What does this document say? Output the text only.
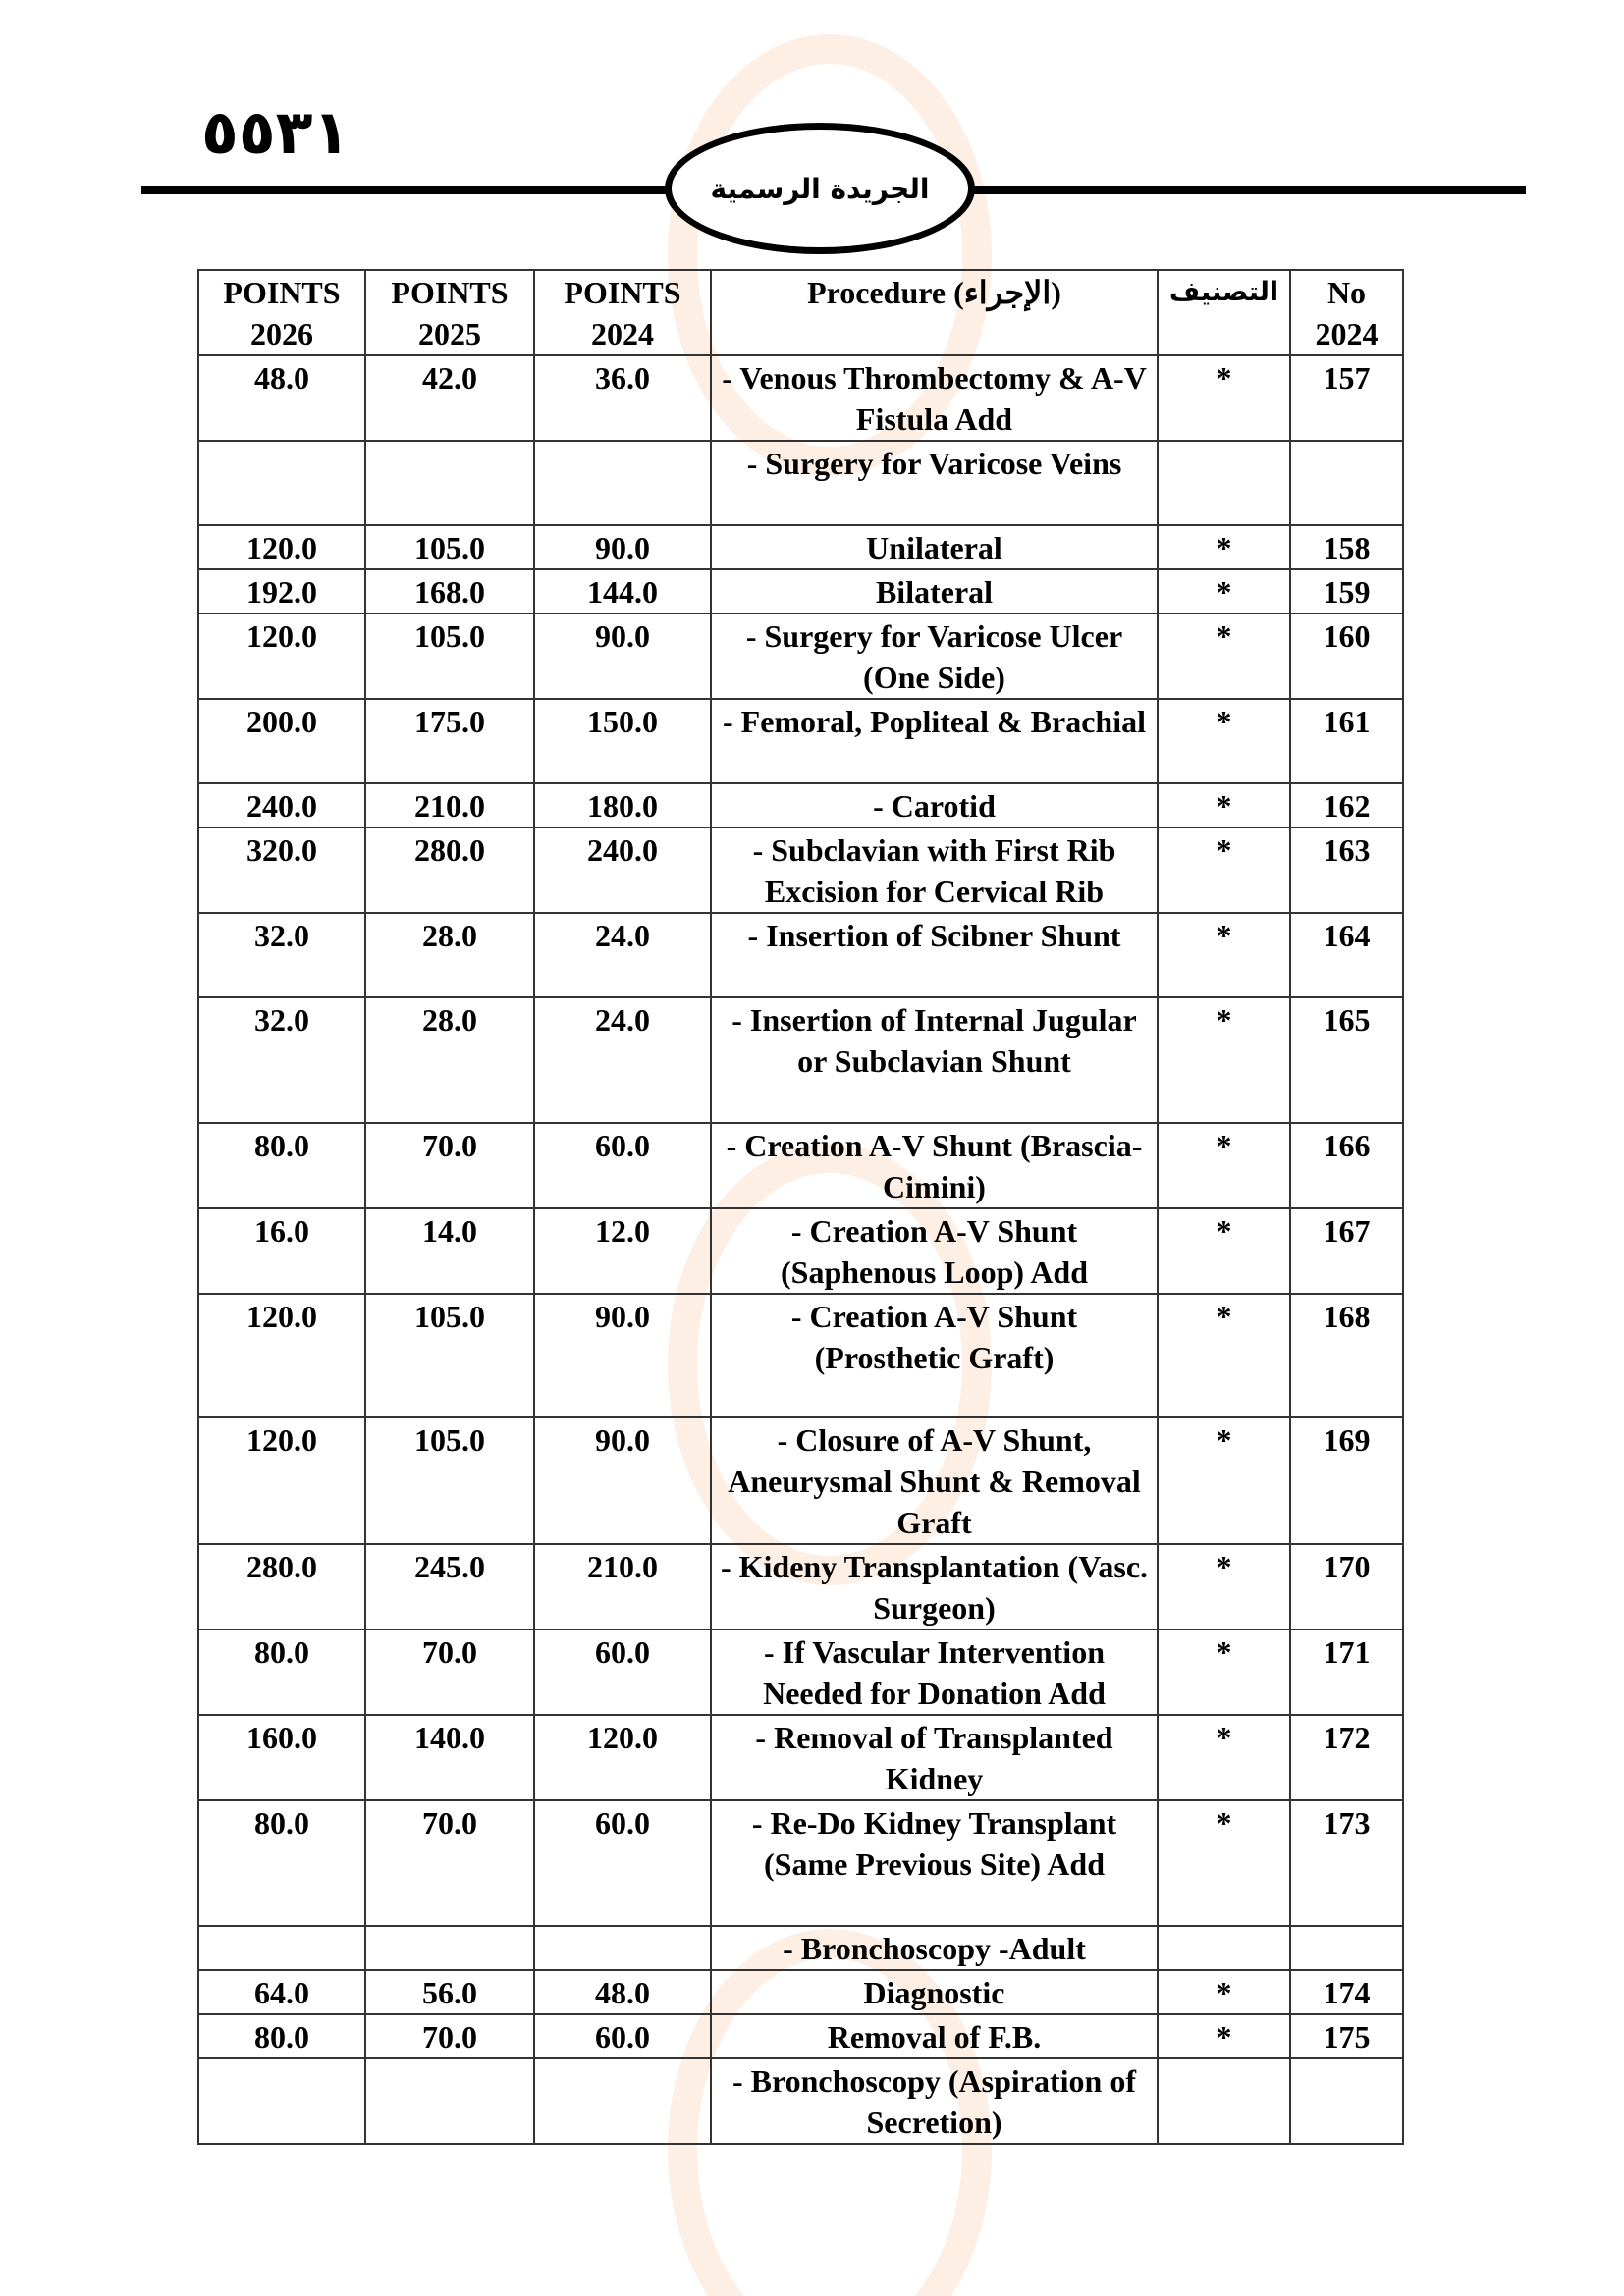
٥٥٣١
الجريدة الرسمية
POINTS 2026	POINTS 2025	POINTS 2024	Procedure (الإجراء)	التصنيف	No 2024
48.0	42.0	36.0	- Venous Thrombectomy & A-V Fistula Add	*	157
			- Surgery for Varicose Veins		
120.0	105.0	90.0	Unilateral	*	158
192.0	168.0	144.0	Bilateral	*	159
120.0	105.0	90.0	- Surgery for Varicose Ulcer (One Side)	*	160
200.0	175.0	150.0	- Femoral, Popliteal & Brachial	*	161
240.0	210.0	180.0	- Carotid	*	162
320.0	280.0	240.0	- Subclavian with First Rib Excision for Cervical Rib	*	163
32.0	28.0	24.0	- Insertion of Scibner Shunt	*	164
32.0	28.0	24.0	- Insertion of Internal Jugular or Subclavian Shunt	*	165
80.0	70.0	60.0	- Creation A-V Shunt (Brascia- Cimini)	*	166
16.0	14.0	12.0	- Creation A-V Shunt (Saphenous Loop) Add	*	167
120.0	105.0	90.0	- Creation A-V Shunt (Prosthetic Graft)	*	168
120.0	105.0	90.0	- Closure of A-V Shunt, Aneurysmal Shunt & Removal Graft	*	169
280.0	245.0	210.0	- Kideny Transplantation (Vasc. Surgeon)	*	170
80.0	70.0	60.0	- If Vascular Intervention Needed for Donation Add	*	171
160.0	140.0	120.0	- Removal of Transplanted Kidney	*	172
80.0	70.0	60.0	- Re-Do Kidney Transplant (Same Previous Site) Add	*	173
			- Bronchoscopy -Adult		
64.0	56.0	48.0	Diagnostic	*	174
80.0	70.0	60.0	Removal of F.B.	*	175
			- Bronchoscopy (Aspiration of Secretion)		
